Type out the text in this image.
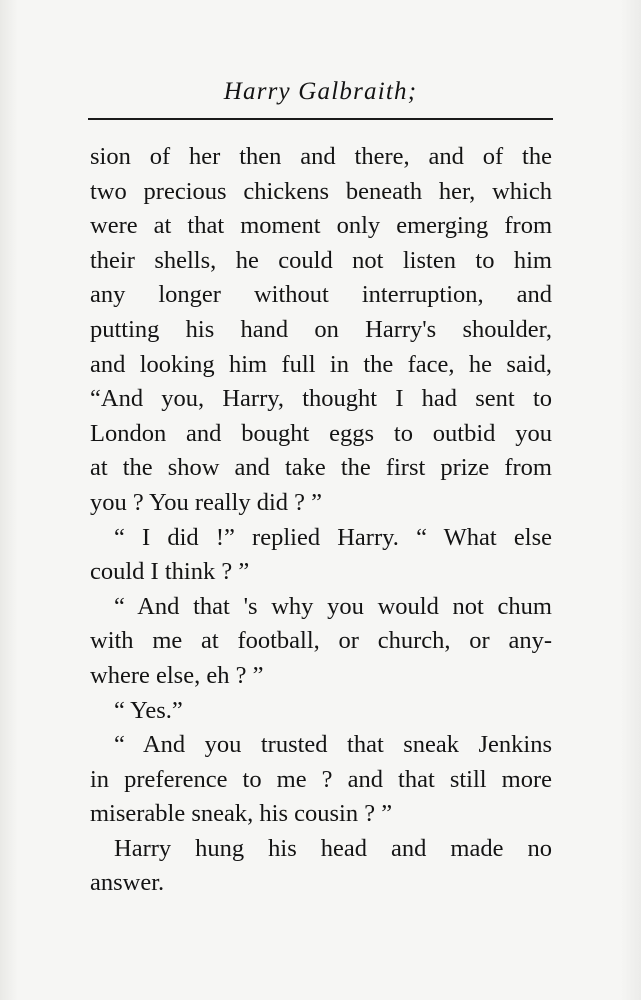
Harry Galbraith;
sion of her then and there, and of the
two precious chickens beneath her, which
were at that moment only emerging from
their shells, he could not listen to him
any longer without interruption, and
putting his hand on Harry's shoulder,
and looking him full in the face, he said,
“And you, Harry, thought I had sent to
London and bought eggs to outbid you
at the show and take the first prize from
you ? You really did ? ”
“ I did !” replied Harry. “ What else
could I think ? ”
“ And that 's why you would not chum
with me at football, or church, or any-
where else, eh ? ”
“ Yes.”
“ And you trusted that sneak Jenkins
in preference to me ? and that still more
miserable sneak, his cousin ? ”
Harry hung his head and made no
answer.
